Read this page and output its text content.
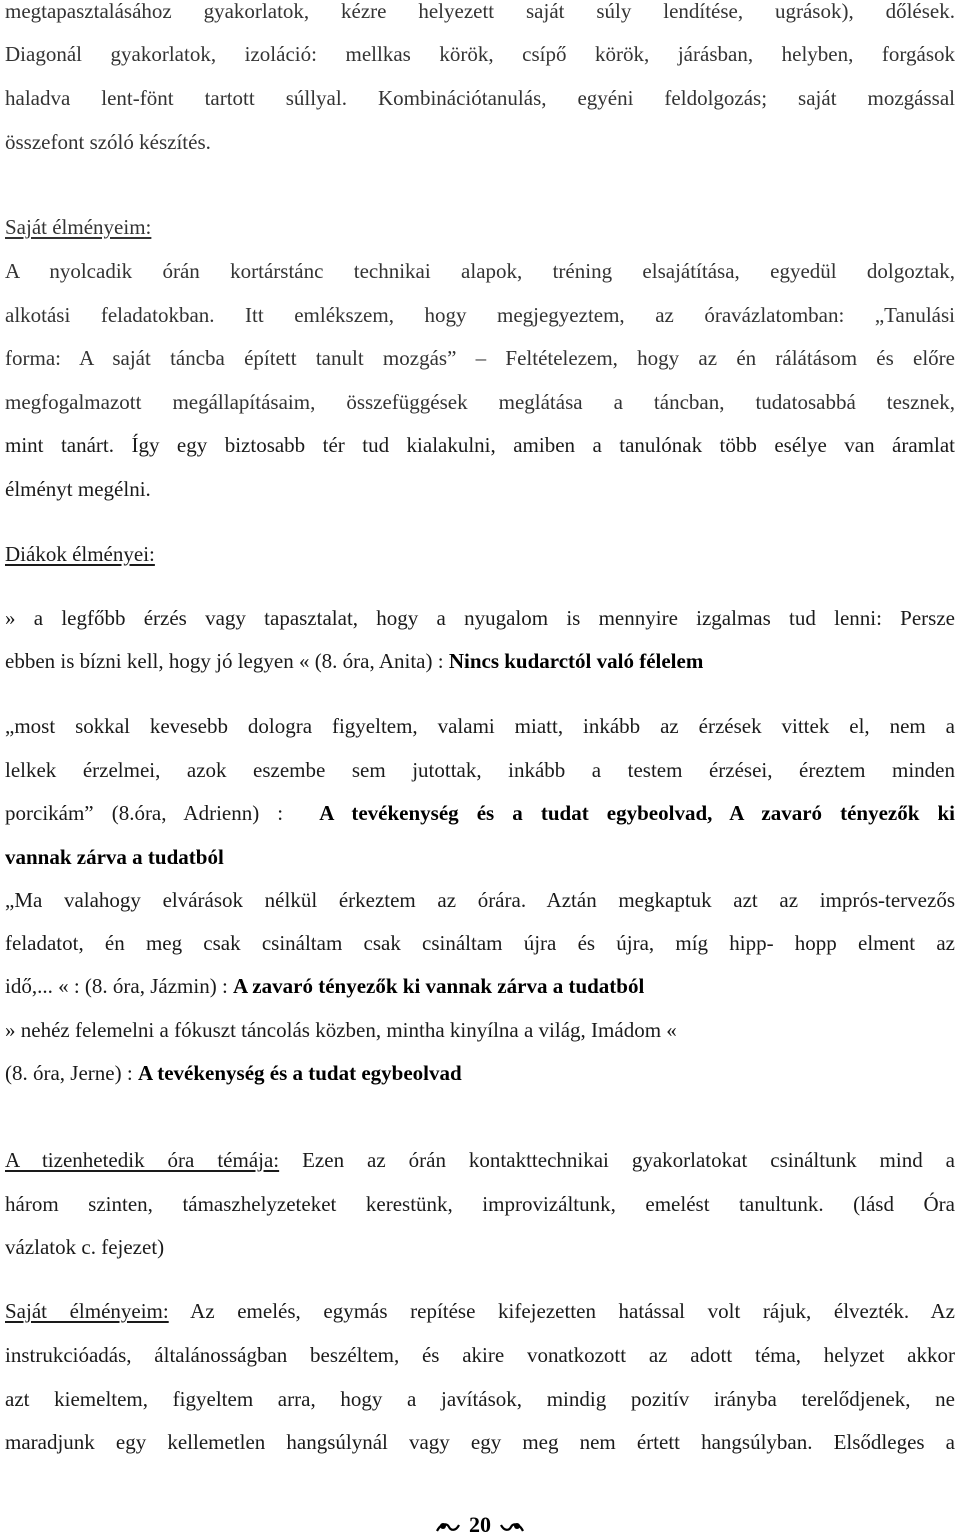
megtapasztalásához gyakorlatok, kézre helyezett saját súly lendítése, ugrások), dőlések.
Diagonál gyakorlatok, izoláció: mellkas körök, csípő körök, járásban, helyben, forgások
haladva lent-fönt tartott súllyal. Kombinációtanulás, egyéni feldolgozás; saját mozgással
összefont szóló készítés.
Saját élményeim:
A nyolcadik órán kortárstánc technikai alapok, tréning elsajátítása, egyedül dolgoztak,
alkotási feladatokban. Itt emlékszem, hogy megjegyeztem, az óravázlatomban: „Tanulási
forma: A saját táncba épített tanult mozgás” – Feltételezem, hogy az én rálátásom és előre
megfogalmazott megállapításaim, összefüggések meglátása a táncban, tudatosabbá tesznek,
mint tanárt. Így egy biztosabb tér tud kialakulni, amiben a tanulónak több esélye van áramlat
élményt megélni.
Diákok élményei:
» a legfőbb érzés vagy tapasztalat, hogy a nyugalom is mennyire izgalmas tud lenni: Persze
ebben is bízni kell, hogy jó legyen « (8. óra, Anita) : Nincs kudarctól való félelem
„most sokkal kevesebb dologra figyeltem, valami miatt, inkább az érzések vittek el, nem a
lelkek érzelmei, azok eszembe sem jutottak, inkább a testem érzései, éreztem minden
porcikám” (8.óra, Adrienn) :  A tevékenység és a tudat egybeolvad, A zavaró tényezők ki
vannak zárva a tudatból
„Ma valahogy elvárások nélkül érkeztem az órára. Aztán megkaptuk azt az imprós-tervezős
feladatot, én meg csak csináltam csak csináltam újra és újra, míg hipp- hopp elment az
idő,... « : (8. óra, Jázmin) : A zavaró tényezők ki vannak zárva a tudatból
» nehéz felemelni a fókuszt táncolás közben, mintha kinyílna a világ, Imádom «
(8. óra, Jerne) : A tevékenység és a tudat egybeolvad
A tizenhetedik óra témája: Ezen az órán kontakttechnikai gyakorlatokat csináltunk mind a
három szinten, támaszhelyzeteket kerestünk, improvizáltunk, emelést tanultunk. (lásd Óra
vázlatok c. fejezet)
Saját élményeim: Az emelés, egymás repítése kifejezetten hatással volt rájuk, élvezték. Az
instrukcióadás, általánosságban beszéltem, és akire vonatkozott az adott téma, helyzet akkor
azt kiemeltem, figyeltem arra, hogy a javítások, mindig pozitív irányba terelődjenek, ne
maradjunk egy kellemetlen hangsúlynál vagy egy meg nem értett hangsúlyban. Elsődleges a
20
